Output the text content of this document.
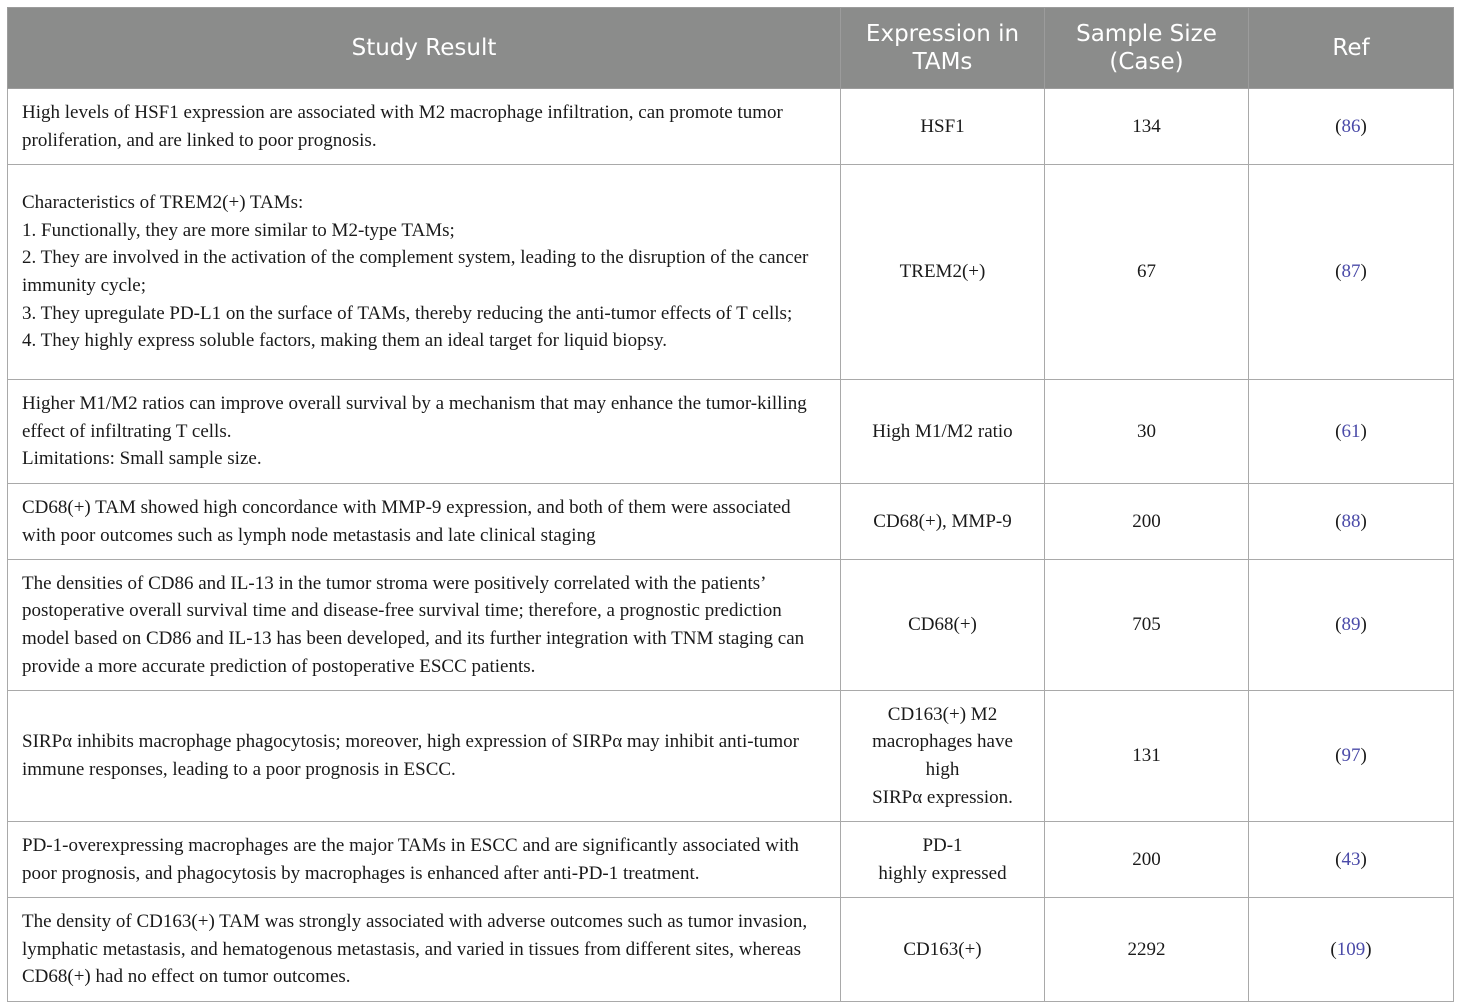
Study Result	Expression in TAMs	Sample Size (Case)	Ref

High levels of HSF1 expression are associated with M2 macrophage infiltration, can promote tumor proliferation, and are linked to poor prognosis.	HSF1	134	(86)

Characteristics of TREM2(+) TAMs:
1. Functionally, they are more similar to M2-type TAMs;
2. They are involved in the activation of the complement system, leading to the disruption of the cancer immunity cycle;
3. They upregulate PD-L1 on the surface of TAMs, thereby reducing the anti-tumor effects of T cells;
4. They highly express soluble factors, making them an ideal target for liquid biopsy.	TREM2(+)	67	(87)

Higher M1/M2 ratios can improve overall survival by a mechanism that may enhance the tumor-killing effect of infiltrating T cells.
Limitations: Small sample size.	High M1/M2 ratio	30	(61)

CD68(+) TAM showed high concordance with MMP-9 expression, and both of them were associated with poor outcomes such as lymph node metastasis and late clinical staging	CD68(+), MMP-9	200	(88)

The densities of CD86 and IL-13 in the tumor stroma were positively correlated with the patients’ postoperative overall survival time and disease-free survival time; therefore, a prognostic prediction model based on CD86 and IL-13 has been developed, and its further integration with TNM staging can provide a more accurate prediction of postoperative ESCC patients.	CD68(+)	705	(89)

SIRPα inhibits macrophage phagocytosis; moreover, high expression of SIRPα may inhibit anti-tumor immune responses, leading to a poor prognosis in ESCC.	CD163(+) M2 macrophages have high
SIRPα expression.	131	(97)

PD-1-overexpressing macrophages are the major TAMs in ESCC and are significantly associated with poor prognosis, and phagocytosis by macrophages is enhanced after anti-PD-1 treatment.	PD-1
highly expressed	200	(43)

The density of CD163(+) TAM was strongly associated with adverse outcomes such as tumor invasion, lymphatic metastasis, and hematogenous metastasis, and varied in tissues from different sites, whereas CD68(+) had no effect on tumor outcomes.	CD163(+)	2292	(109)
